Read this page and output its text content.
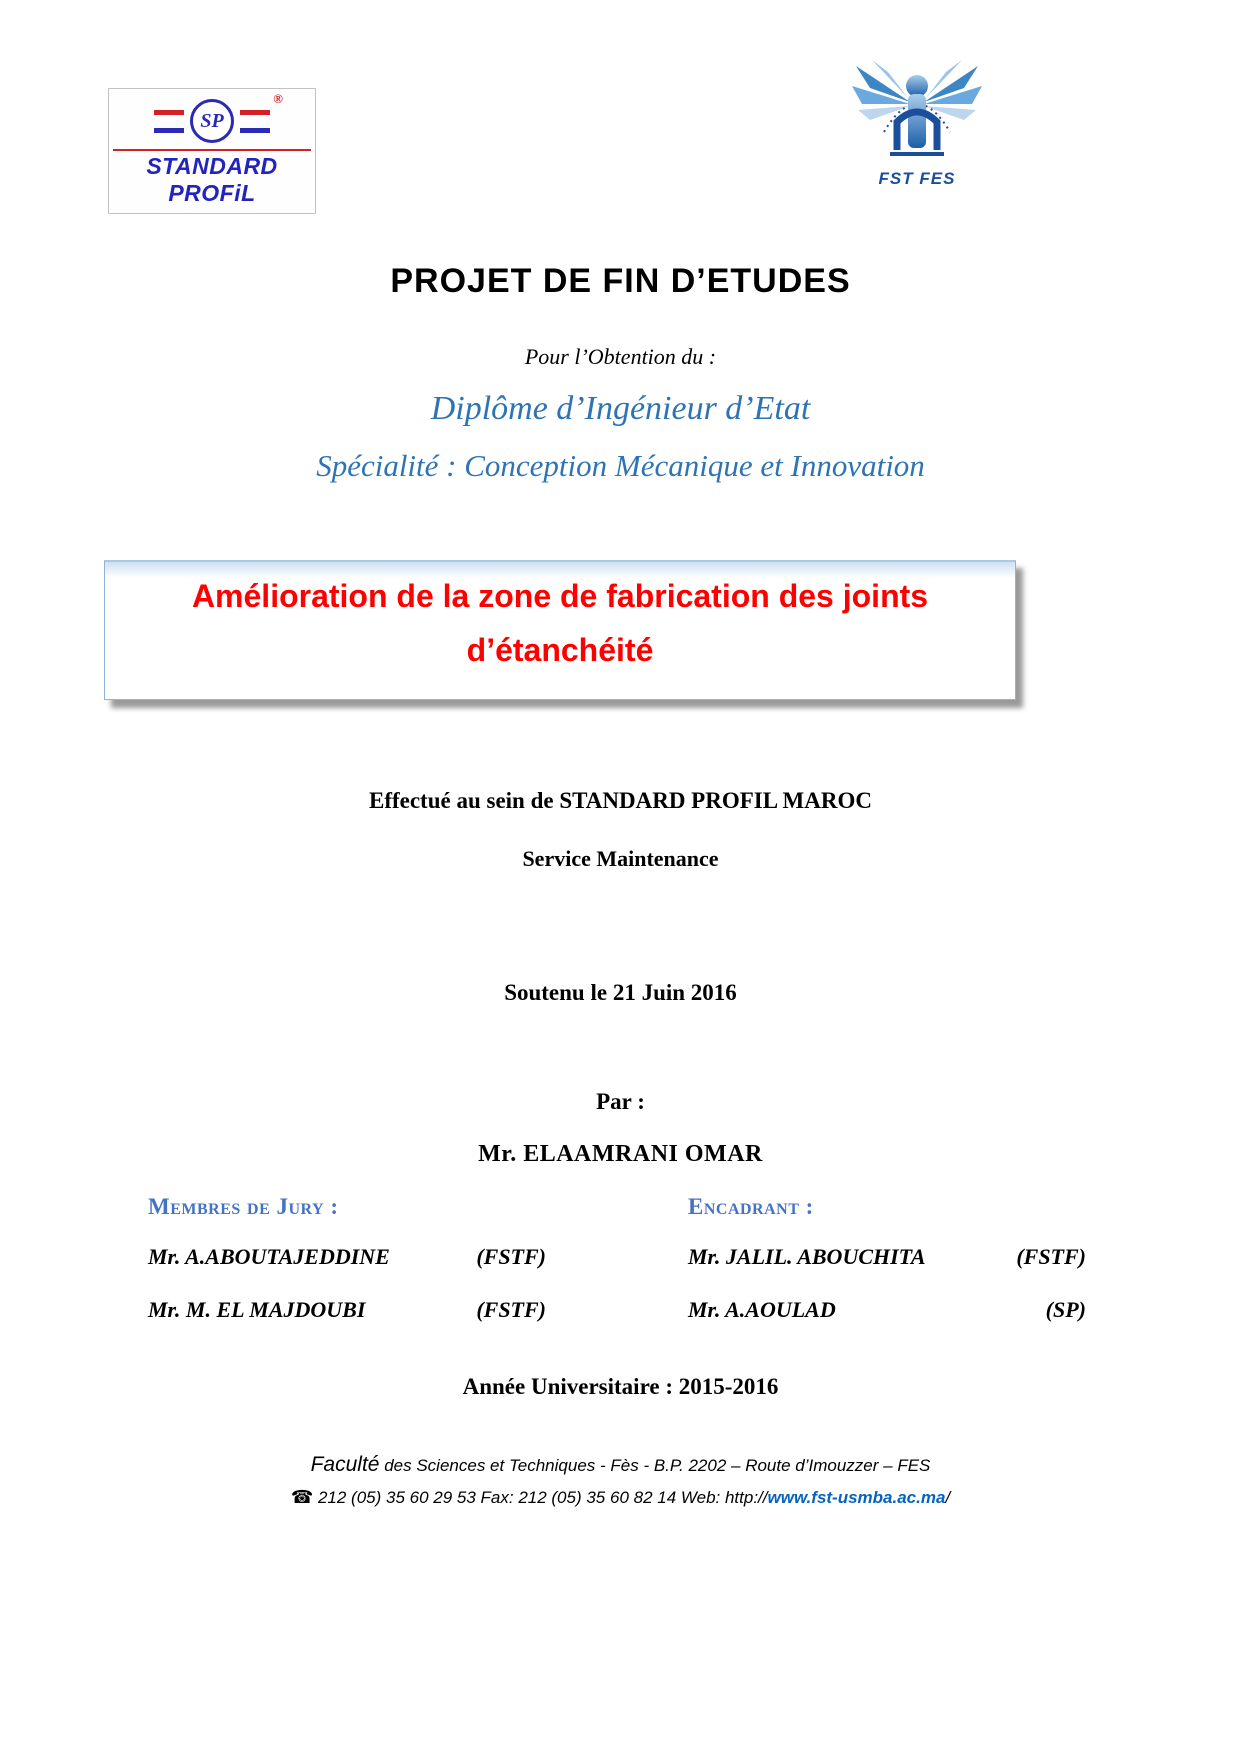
SP
®
STANDARD PROFiL
FST FES
PROJET DE FIN D’ETUDES
Pour l’Obtention du :
Diplôme d’Ingénieur d’Etat
Spécialité : Conception Mécanique et Innovation
Amélioration de la zone de fabrication des joints
d’étanchéité
Effectué au sein de STANDARD PROFIL MAROC
Service Maintenance
Soutenu le 21 Juin 2016
Par :
Mr. ELAAMRANI OMAR
Membres de Jury :
Mr. A.ABOUTAJEDDINE	(FSTF)
Mr. M. EL MAJDOUBI	(FSTF)
Encadrant :
Mr. JALIL. ABOUCHITA	(FSTF)
Mr. A.AOULAD	(SP)
Année Universitaire : 2015-2016
Faculté des Sciences et Techniques - Fès - B.P. 2202 – Route d’Imouzzer – FES
☎ 212 (05) 35 60 29 53 Fax: 212 (05) 35 60 82 14 Web: http://www.fst-usmba.ac.ma/
